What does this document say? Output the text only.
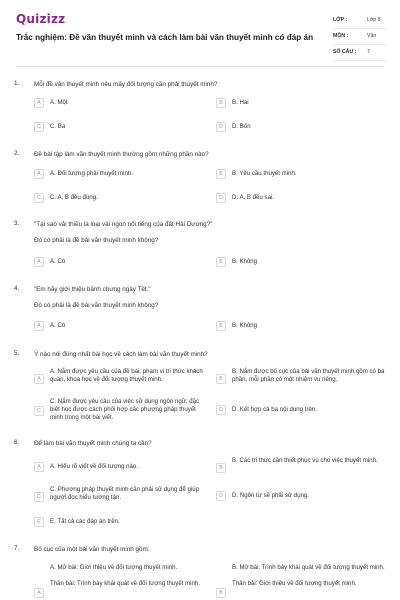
Quizizz
Trắc nghiệm: Đề văn thuyết minh và cách làm bài văn thuyết minh có đáp án
LỚP :	Lớp 8
MÔN :	Văn
SỐ CÂU : 7
1. Mỗi đề văn thuyết minh nêu mấy đối tượng cần phải thuyết minh?
A	A. Một	B	B. Hai
C	C. Ba	D	D. Bốn
2. Đề bài tập làm văn thuyết minh thường gồm những phần nào?
A	A. Đối tượng phải thuyết minh.	B	B. Yêu cầu thuyết minh.
C	C. A, B đều đúng.	D	D. A, B đều sai.
3. "Tại sao vải thiều là loại vải ngon nổi tiếng của đất Hải Dương?"
Đó có phải là đề bài văn thuyết minh không?
A	A. Có	B	B. Không
4. "Em hãy giới thiệu bánh chưng ngày Tết."
Đó có phải là đề bài văn thuyết minh không?
A	A. Có	B	B. Không
5. Ý nào nói đúng nhất bài học về cách làm bài văn thuyết minh?
A
A. Nắm được yêu cầu của đề bài, phạm vi tri thức khách quan, khoa học về đối tượng thuyết minh.	B
B. Nắm được bố cục của bài văn thuyết minh gồm có ba phần, mỗi phần có một nhiệm vụ riêng.
C
C. Nắm được yêu cầu của việc sử dụng ngôn ngữ; đặc biệt học được cách phối hợp các phương pháp thuyết minh trong một bài viết.
D	D. Kết hợp cả ba nội dung trên.
6. Để làm bài văn thuyết minh chúng ta cần?
A	A. Hiểu rõ viết về đối tượng nào.	B
B. Các tri thức cần thiết phục vụ cho việc thuyết minh.
C
C. Phương pháp thuyết minh cần phải sử dụng để giúp người đọc hiểu tường tận.	D	D. Ngôn từ sẽ phải sử dụng.
E	E. Tất cả các đáp án trên.
7. Bố cục của một bài văn thuyết minh gồm:
A. Mở bài: Giới thiệu về đối tượng thuyết minh.	B. Mở bài: Trình bày khái quát về đối tượng thuyết minh.
A
Thân bài: Trình bày khái quát về đối tượng thuyết minh.
B
Thân bài: Giới thiệu về đối tượng thuyết minh.
